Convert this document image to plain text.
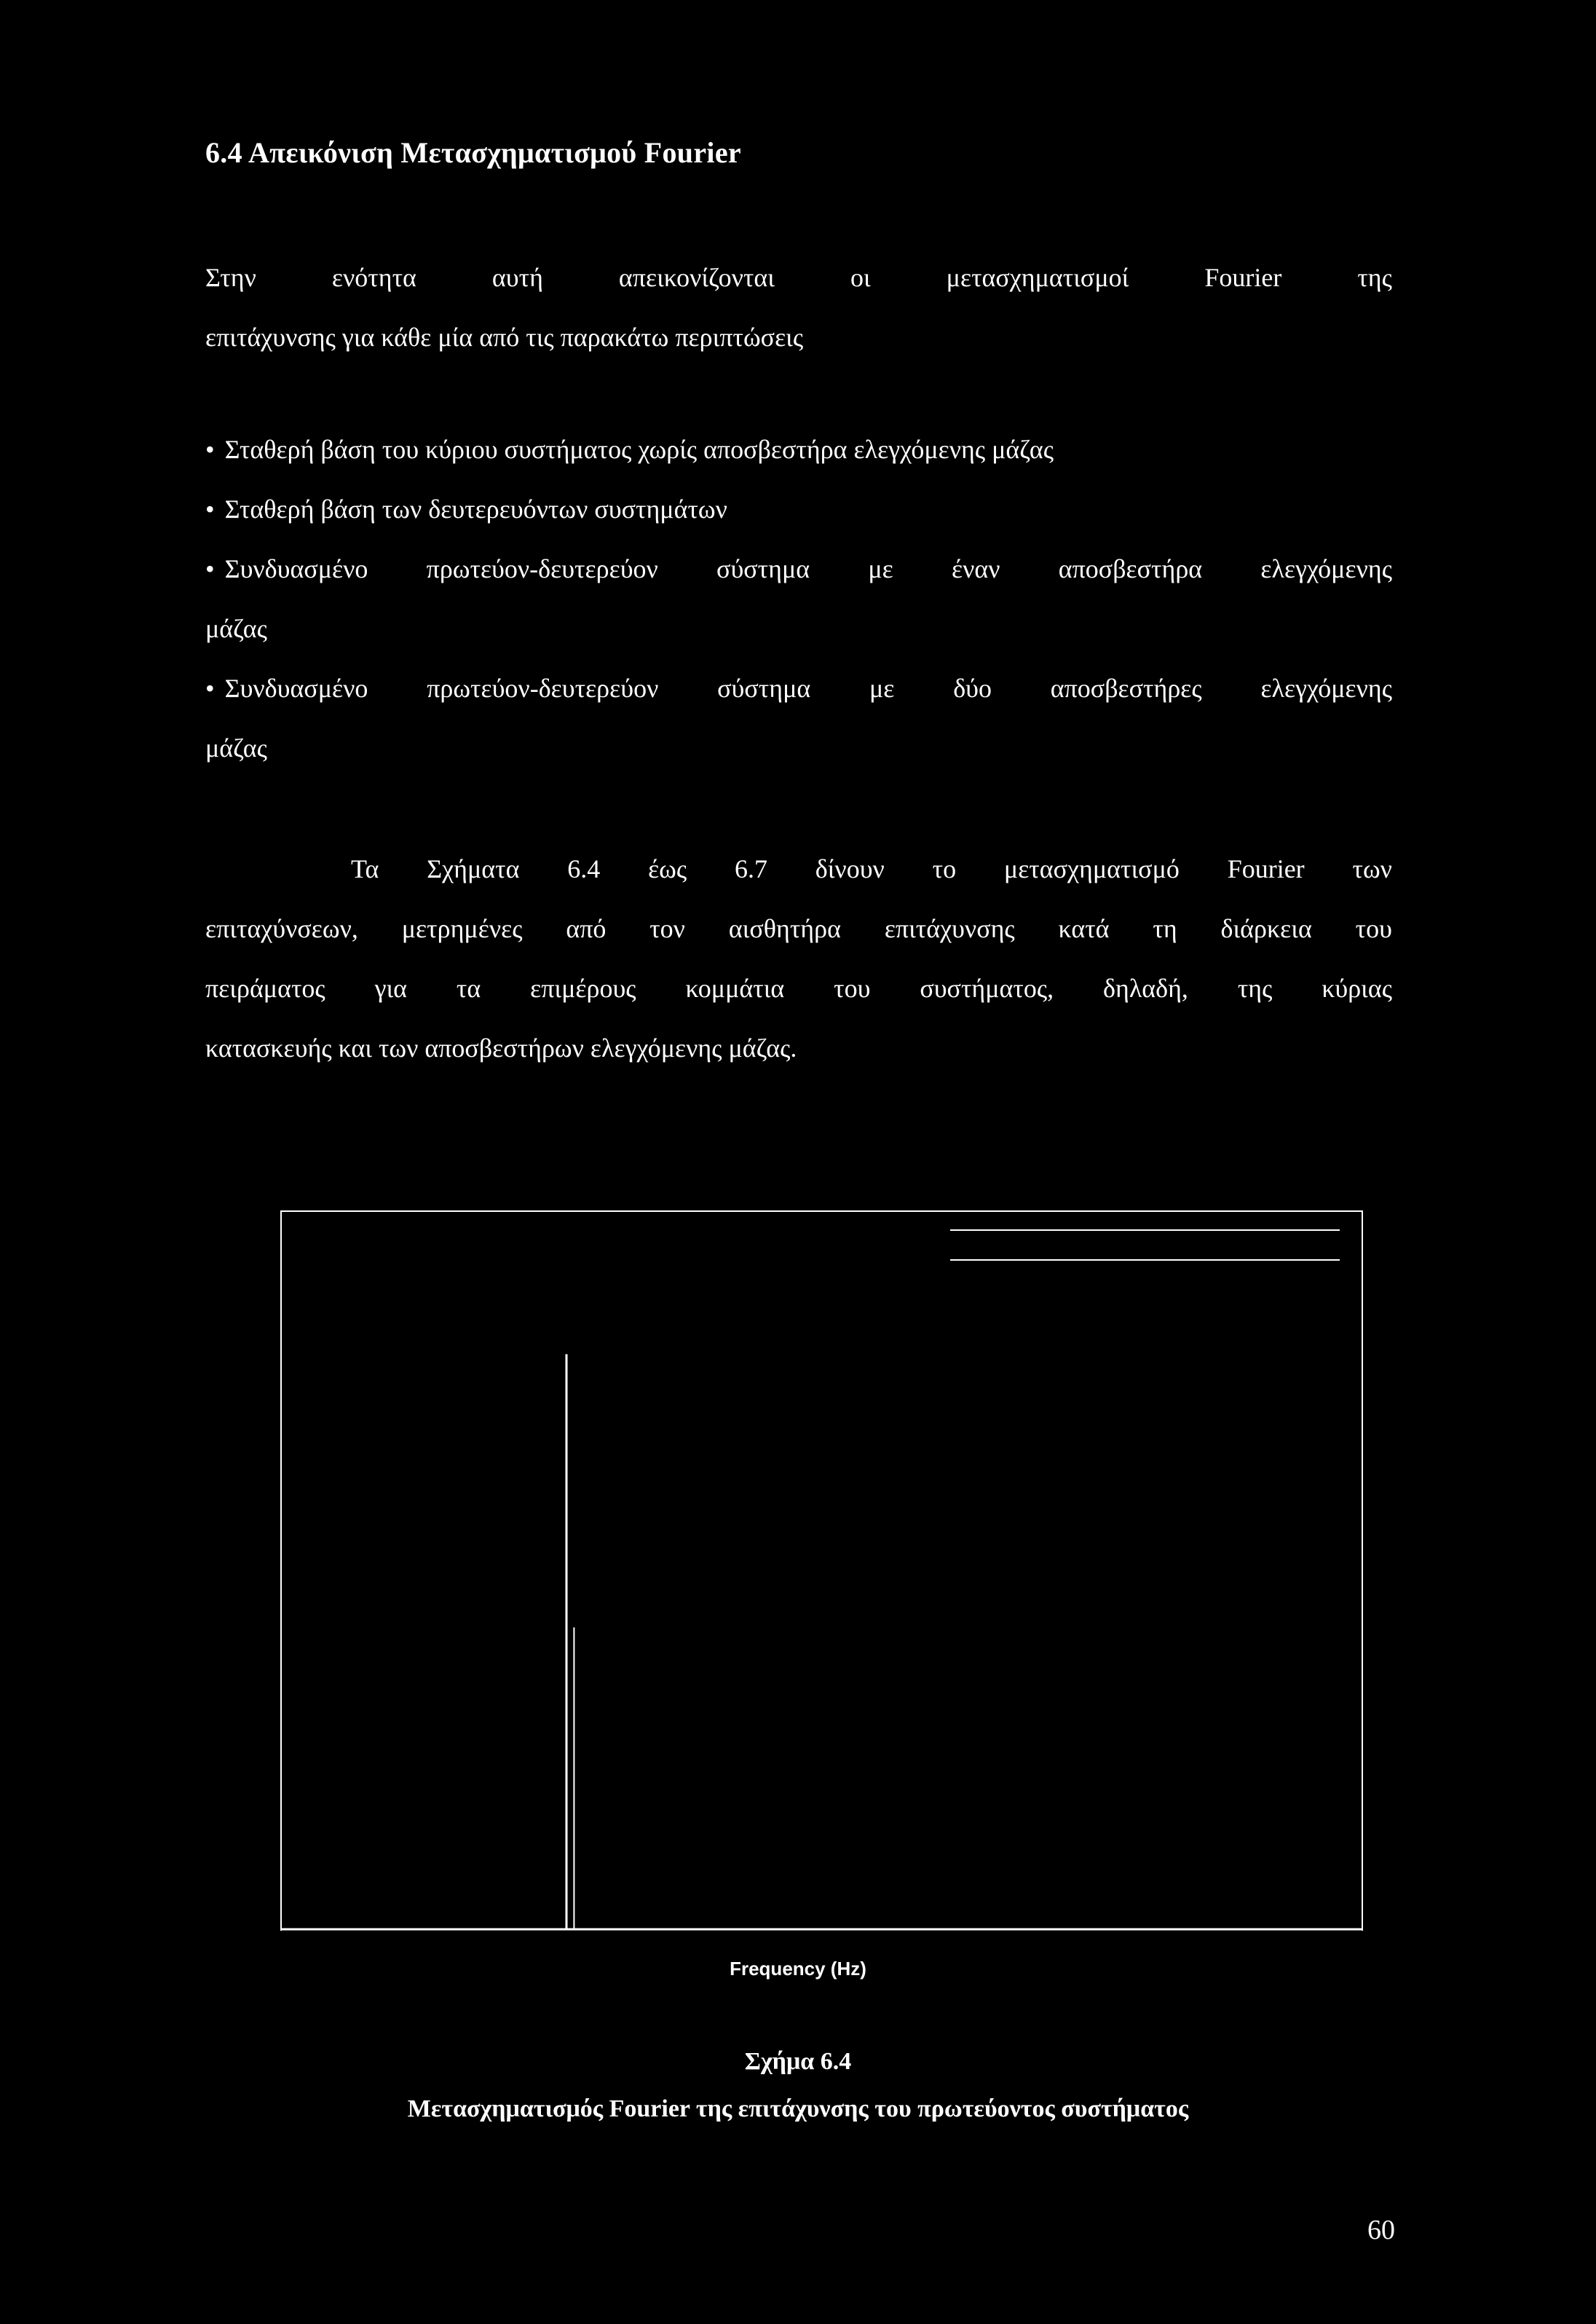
6.4 Απεικόνιση Μετασχηματισμού Fourier
Στην	ενότητα	αυτή	απεικονίζονται	οι	μετασχηματισμοί	Fourier	της
επιτάχυνσης για κάθε μία από τις παρακάτω περιπτώσεις
• Σταθερή βάση του κύριου συστήματος χωρίς αποσβεστήρα ελεγχόμενης μάζας
• Σταθερή βάση των δευτερευόντων συστημάτων
• Συνδυασμένο πρωτεύον-δευτερεύον σύστημα με έναν αποσβεστήρα ελεγχόμενης
μάζας
• Συνδυασμένο πρωτεύον-δευτερεύον σύστημα με δύο αποσβεστήρες ελεγχόμενης
μάζας
Τα Σχήματα 6.4 έως 6.7 δίνουν το μετασχηματισμό Fourier των
επιταχύνσεων, μετρημένες από τον αισθητήρα επιτάχυνσης κατά τη διάρκεια του
πειράματος για τα επιμέρους κομμάτια του συστήματος, δηλαδή, της κύριας
κατασκευής και των αποσβεστήρων ελεγχόμενης μάζας.
Frequency (Hz)
Σχήμα 6.4
Μετασχηματισμός Fourier της επιτάχυνσης του πρωτεύοντος συστήματος
60
